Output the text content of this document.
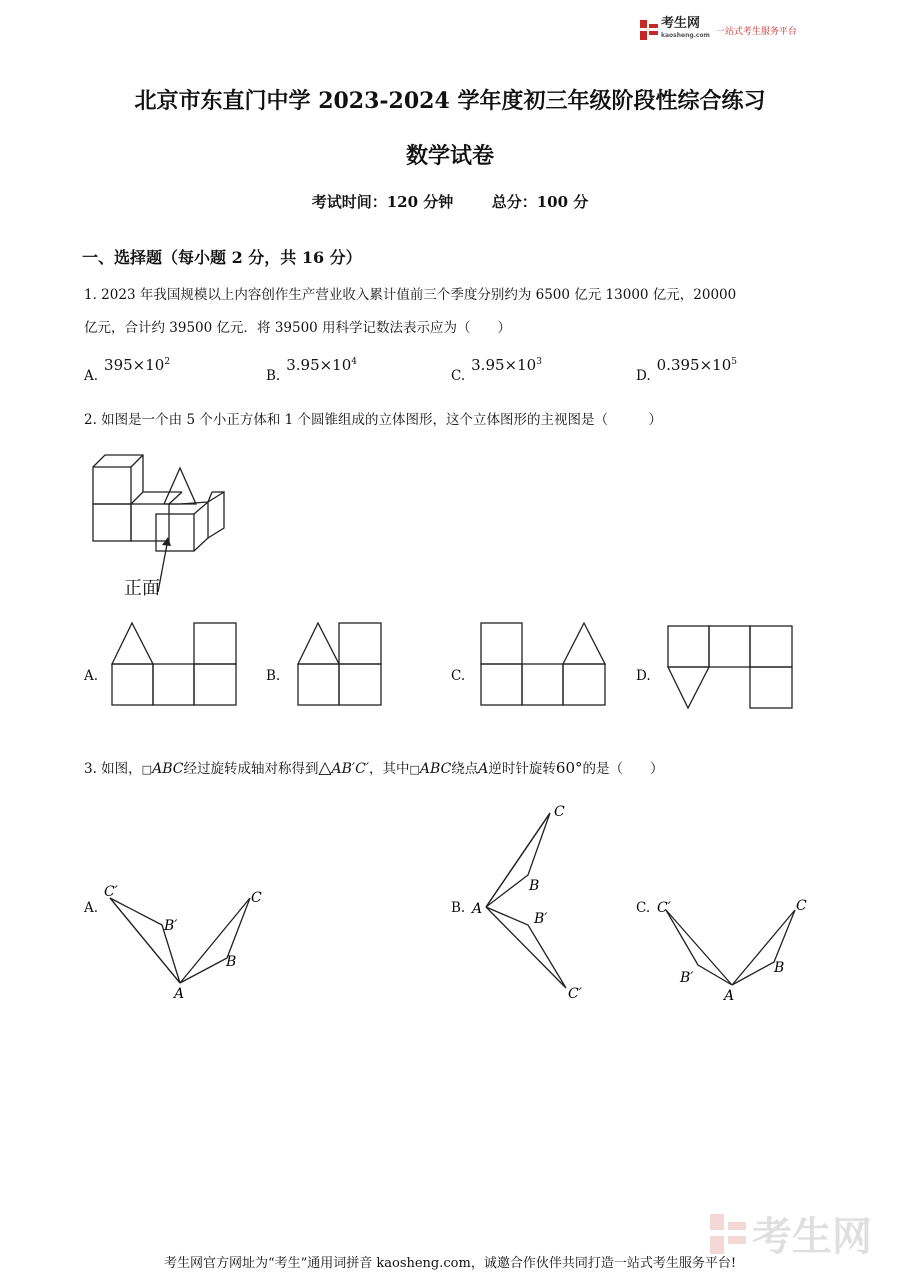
考生网
kaosheng.com 一站式考生服务平台
北京市东直门中学 2023-2024 学年度初三年级阶段性综合练习
数学试卷
考试时间：120 分钟	总分：100 分
一、选择题（每小题 2 分，共 16 分）
1. 2023 年我国规模以上内容创作生产营业收入累计值前三个季度分别约为 6500 亿元 13000 亿元，20000
亿元，合计约 39500 亿元．将 39500 用科学记数法表示应为（　　）
$A.395\times 10^2$
$B.3.95\times 10^4$
$C.3.95\times 10^3$
$D.0.395\times 10^5$
2. 如图是一个由 5 个小正方体和 1 个圆锥组成的立体图形，这个立体图形的主视图是（　　　）
正面
A.	B.	C.	D.
3. 如图，□ABC经过旋转成轴对称得到△AB′C′，其中□ABC绕点A逆时针旋转60°的是（　　）
A.
C′
B′
C
B
A
B.
C
B
A
B′
C′
C. C′
B′
C
B
A
考生网
考生网官方网址为“考生”通用词拼音 kaosheng.com，诚邀合作伙伴共同打造一站式考生服务平台!
